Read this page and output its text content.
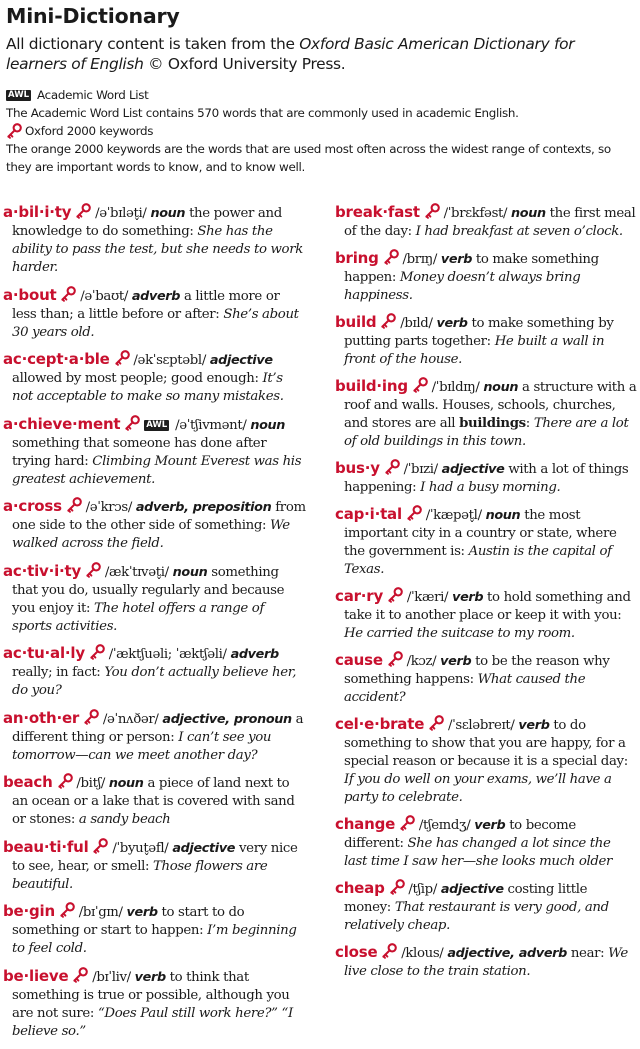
Mini-Dictionary
All dictionary content is taken from the Oxford Basic American Dictionary for learners of English © Oxford University Press.
AWL Academic Word List
The Academic Word List contains 570 words that are commonly used in academic English.
Oxford 2000 keywords
The orange 2000 keywords are the words that are used most often across the widest range of contexts, so they are important words to know, and to know well.
a·bil·i·ty  /əˈbɪlət̬i/ noun the power and knowledge to do something: She has the ability to pass the test, but she needs to work harder.
a·bout  /əˈbaʊt/ adverb a little more or less than; a little before or after: She’s about 30 years old.
ac·cept·a·ble  /əkˈsɛptəbl/ adjective allowed by most people; good enough: It’s not acceptable to make so many mistakes.
a·chieve·ment	AWL /əˈtʃivmənt/ noun something that someone has done after trying hard: Climbing Mount Everest was his greatest achievement.
a·cross  /əˈkrɔs/ adverb, preposition from one side to the other side of something: We walked across the field.
ac·tiv·i·ty  /ækˈtɪvət̬i/ noun something that you do, usually regularly and because you enjoy it: The hotel offers a range of sports activities.
ac·tu·al·ly  /ˈæktʃuəli; ˈæktʃəli/ adverb really; in fact: You don’t actually believe her, do you?
an·oth·er  /əˈnʌðər/ adjective, pronoun a different thing or person: I can’t see you tomorrow—can we meet another day?
beach  /bitʃ/ noun a piece of land next to an ocean or a lake that is covered with sand or stones: a sandy beach
beau·ti·ful  /ˈbyut̬əfl/ adjective very nice to see, hear, or smell: Those flowers are beautiful.
be·gin  /bɪˈgɪn/ verb to start to do something or start to happen: I’m beginning to feel cold.
be·lieve  /bɪˈliv/ verb to think that something is true or possible, although you are not sure: “Does Paul still work here?” “I believe so.”
break·fast  /ˈbrɛkfəst/ noun the first meal of the day: I had breakfast at seven o’clock.
bring  /brɪŋ/ verb to make something happen: Money doesn’t always bring happiness.
build  /bɪld/ verb to make something by putting parts together: He built a wall in front of the house.
build·ing  /ˈbɪldɪŋ/ noun a structure with a roof and walls. Houses, schools, churches, and stores are all buildings: There are a lot of old buildings in this town.
bus·y  /ˈbɪzi/ adjective with a lot of things happening: I had a busy morning.
cap·i·tal  /ˈkæpət̬l/ noun the most important city in a country or state, where the government is: Austin is the capital of Texas.
car·ry  /ˈkæri/ verb to hold something and take it to another place or keep it with you: He carried the suitcase to my room.
cause  /kɔz/ verb to be the reason why something happens: What caused the accident?
cel·e·brate  /ˈsɛləbreɪt/ verb to do something to show that you are happy, for a special reason or because it is a special day: If you do well on your exams, we’ll have a party to celebrate.
change  /tʃeɪndʒ/ verb to become different: She has changed a lot since the last time I saw her—she looks much older
cheap  /tʃip/ adjective costing little money: That restaurant is very good, and relatively cheap.
close  /klous/ adjective, adverb near: We live close to the train station.
